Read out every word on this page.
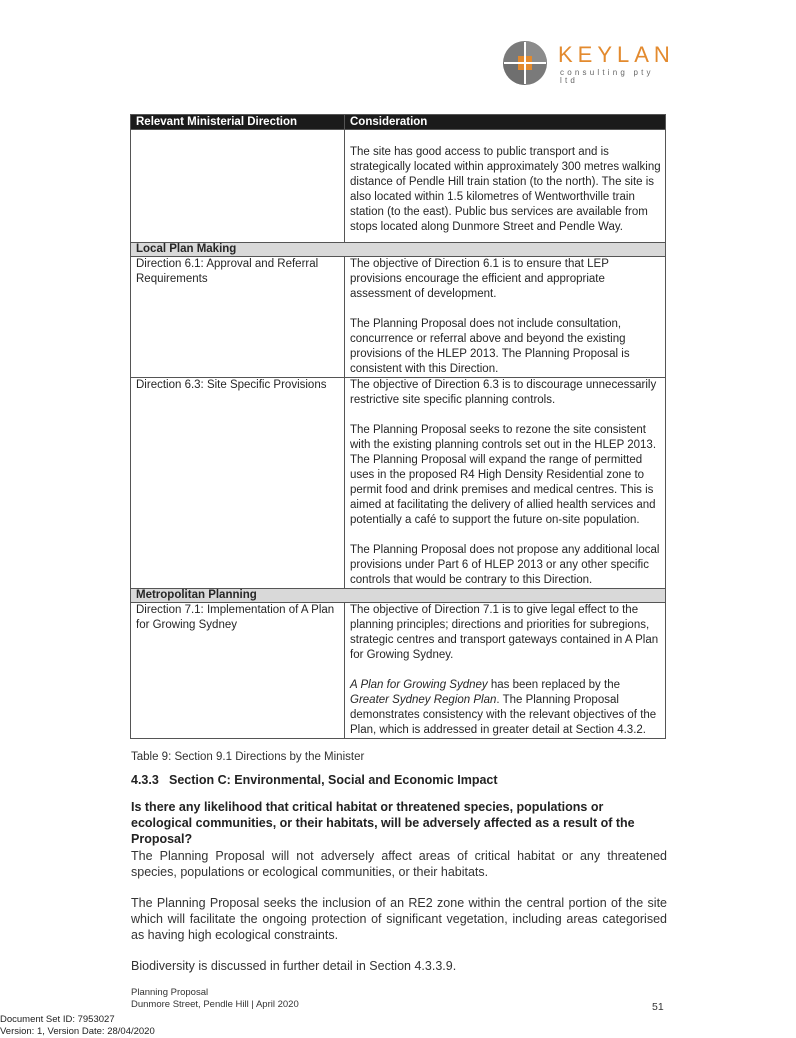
KEYLAN
consulting pty ltd
Relevant Ministerial Direction	Consideration

	The site has good access to public transport and is strategically located within approximately 300 metres walking distance of Pendle Hill train station (to the north). The site is also located within 1.5 kilometres of Wentworthville train station (to the east). Public bus services are available from stops located along Dunmore Street and Pendle Way.

Local Plan Making	
Direction 6.1: Approval and Referral Requirements	The objective of Direction 6.1 is to ensure that LEP provisions encourage the efficient and appropriate assessment of development.

The Planning Proposal does not include consultation, concurrence or referral above and beyond the existing provisions of the HLEP 2013. The Planning Proposal is consistent with this Direction.

Direction 6.3: Site Specific Provisions	The objective of Direction 6.3 is to discourage unnecessarily restrictive site specific planning controls.

The Planning Proposal seeks to rezone the site consistent with the existing planning controls set out in the HLEP 2013. The Planning Proposal will expand the range of permitted uses in the proposed R4 High Density Residential zone to permit food and drink premises and medical centres. This is aimed at facilitating the delivery of allied health services and potentially a café to support the future on-site population.

The Planning Proposal does not propose any additional local provisions under Part 6 of HLEP 2013 or any other specific controls that would be contrary to this Direction.

Metropolitan Planning	
Direction 7.1: Implementation of A Plan for Growing Sydney	The objective of Direction 7.1 is to give legal effect to the planning principles; directions and priorities for subregions, strategic centres and transport gateways contained in A Plan for Growing Sydney.

A Plan for Growing Sydney has been replaced by the Greater Sydney Region Plan. The Planning Proposal demonstrates consistency with the relevant objectives of the Plan, which is addressed in greater detail at Section 4.3.2.

Table 9: Section 9.1 Directions by the Minister
4.3.3 Section C: Environmental, Social and Economic Impact
Is there any likelihood that critical habitat or threatened species, populations or ecological communities, or their habitats, will be adversely affected as a result of the Proposal?
The Planning Proposal will not adversely affect areas of critical habitat or any threatened species, populations or ecological communities, or their habitats.
The Planning Proposal seeks the inclusion of an RE2 zone within the central portion of the site which will facilitate the ongoing protection of significant vegetation, including areas categorised as having high ecological constraints.
Biodiversity is discussed in further detail in Section 4.3.3.9.
Planning Proposal
Dunmore Street, Pendle Hill | April 2020	51
Document Set ID: 7953027
Version: 1, Version Date: 28/04/2020
